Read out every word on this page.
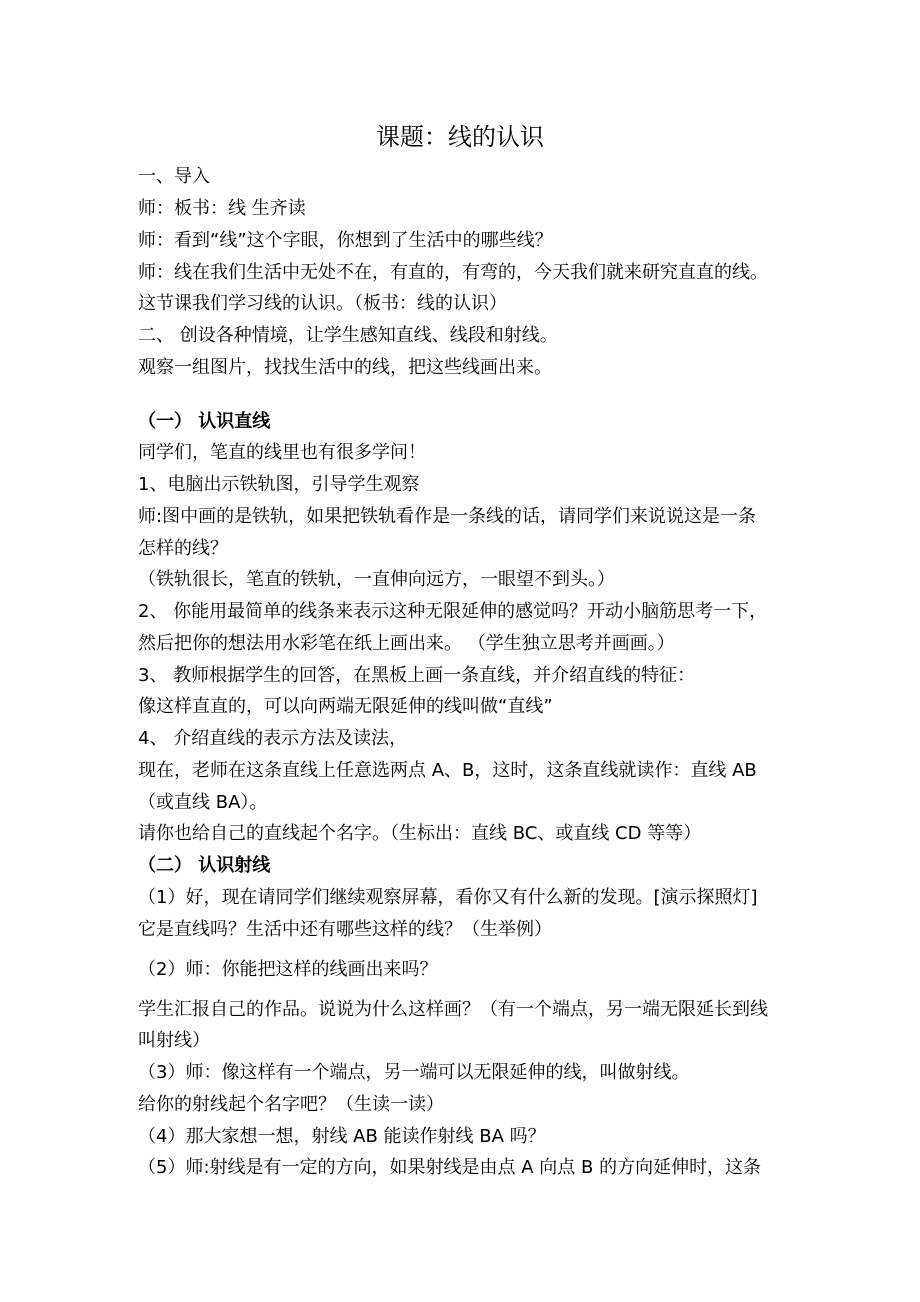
课题：线的认识
一、导入
师：板书：线 生齐读
师：看到“线”这个字眼，你想到了生活中的哪些线？
师：线在我们生活中无处不在，有直的，有弯的，今天我们就来研究直直的线。
这节课我们学习线的认识。（板书：线的认识）
二、 创设各种情境，让学生感知直线、线段和射线。
观察一组图片，找找生活中的线，把这些线画出来。
（一） 认识直线
同学们，笔直的线里也有很多学问！
1、电脑出示铁轨图，引导学生观察
师:图中画的是铁轨，如果把铁轨看作是一条线的话，请同学们来说说这是一条
怎样的线？
（铁轨很长，笔直的铁轨，一直伸向远方，一眼望不到头。）
2、 你能用最简单的线条来表示这种无限延伸的感觉吗？开动小脑筋思考一下，
然后把你的想法用水彩笔在纸上画出来。 （学生独立思考并画画。）
3、 教师根据学生的回答，在黑板上画一条直线，并介绍直线的特征：
像这样直直的，可以向两端无限延伸的线叫做“直线”
4、 介绍直线的表示方法及读法，
现在，老师在这条直线上任意选两点 A、B，这时，这条直线就读作：直线 AB
（或直线 BA）。
请你也给自己的直线起个名字。（生标出：直线 BC、或直线 CD 等等）
（二） 认识射线
（1）好，现在请同学们继续观察屏幕，看你又有什么新的发现。[演示探照灯]
它是直线吗？生活中还有哪些这样的线？（生举例）
（2）师：你能把这样的线画出来吗？
学生汇报自己的作品。说说为什么这样画？（有一个端点，另一端无限延长到线
叫射线）
（3）师：像这样有一个端点，另一端可以无限延伸的线，叫做射线。
给你的射线起个名字吧？（生读一读）
（4）那大家想一想，射线 AB 能读作射线 BA 吗？
（5）师:射线是有一定的方向，如果射线是由点 A 向点 B 的方向延伸时，这条
